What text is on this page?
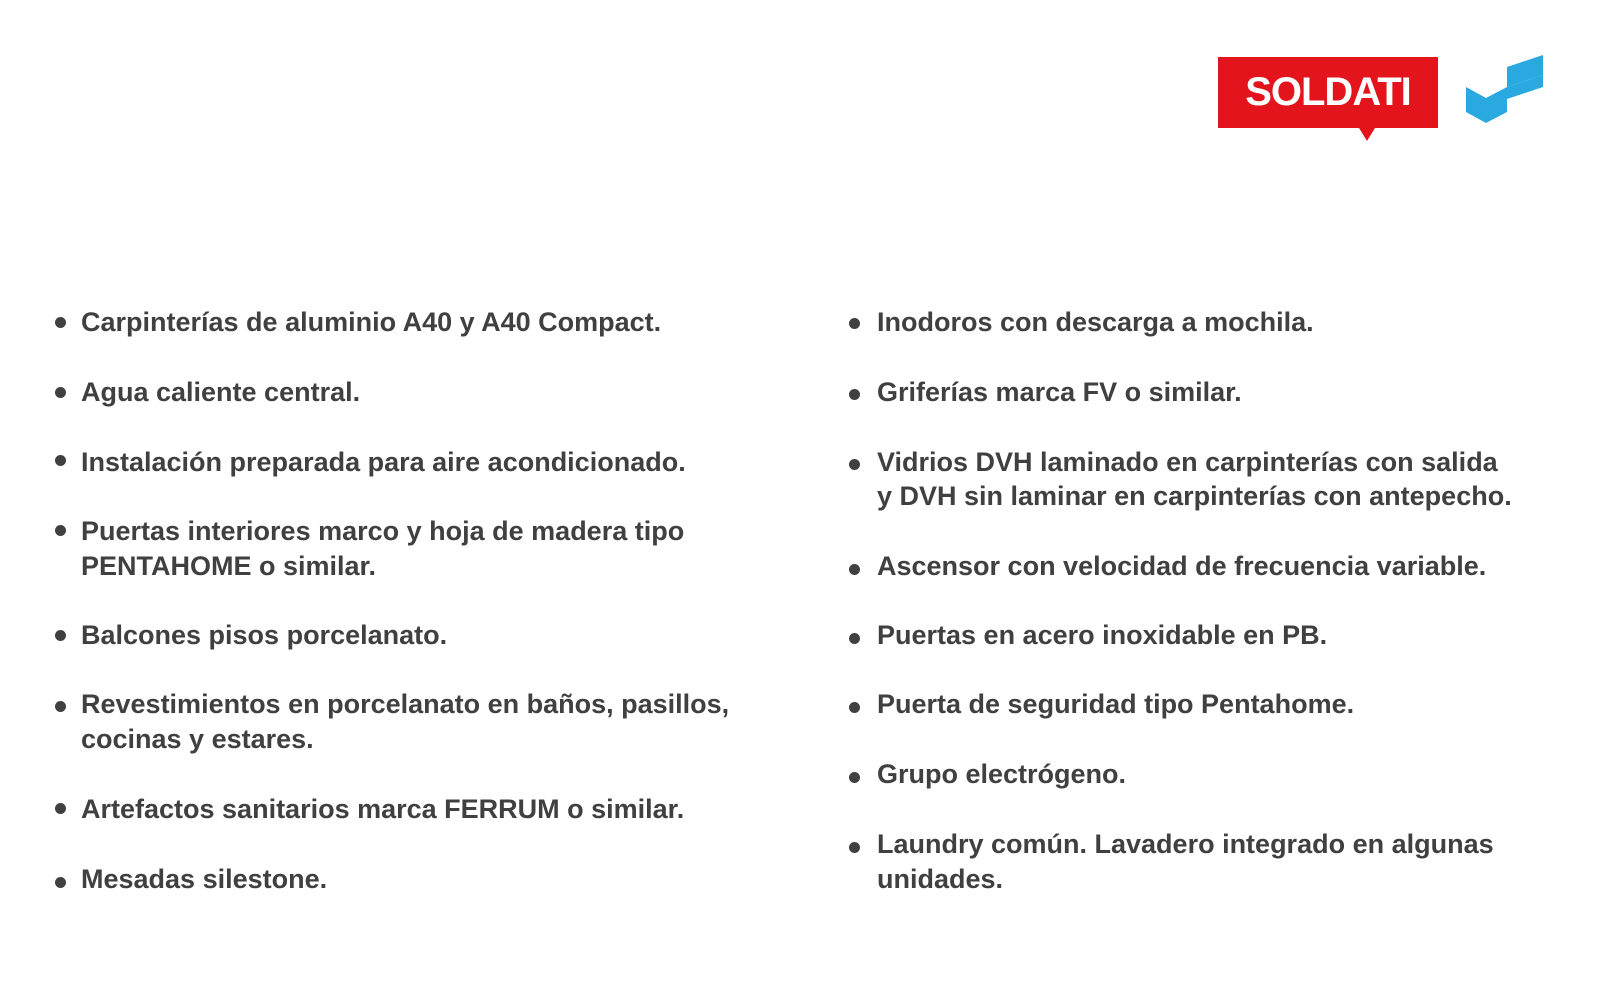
SOLDATI
Carpinterías de aluminio A40 y A40 Compact.
Agua caliente central.
Instalación preparada para aire acondicionado.
Puertas interiores marco y hoja de madera tipo
PENTAHOME o similar.
Balcones pisos porcelanato.
Revestimientos en porcelanato en baños, pasillos,
cocinas y estares.
Artefactos sanitarios marca FERRUM o similar.
Mesadas silestone.
Inodoros con descarga a mochila.
Griferías marca FV o similar.
Vidrios DVH laminado en carpinterías con salida
y DVH sin laminar en carpinterías con antepecho.
Ascensor con velocidad de frecuencia variable.
Puertas en acero inoxidable en PB.
Puerta de seguridad tipo Pentahome.
Grupo electrógeno.
Laundry común. Lavadero integrado en algunas
unidades.
